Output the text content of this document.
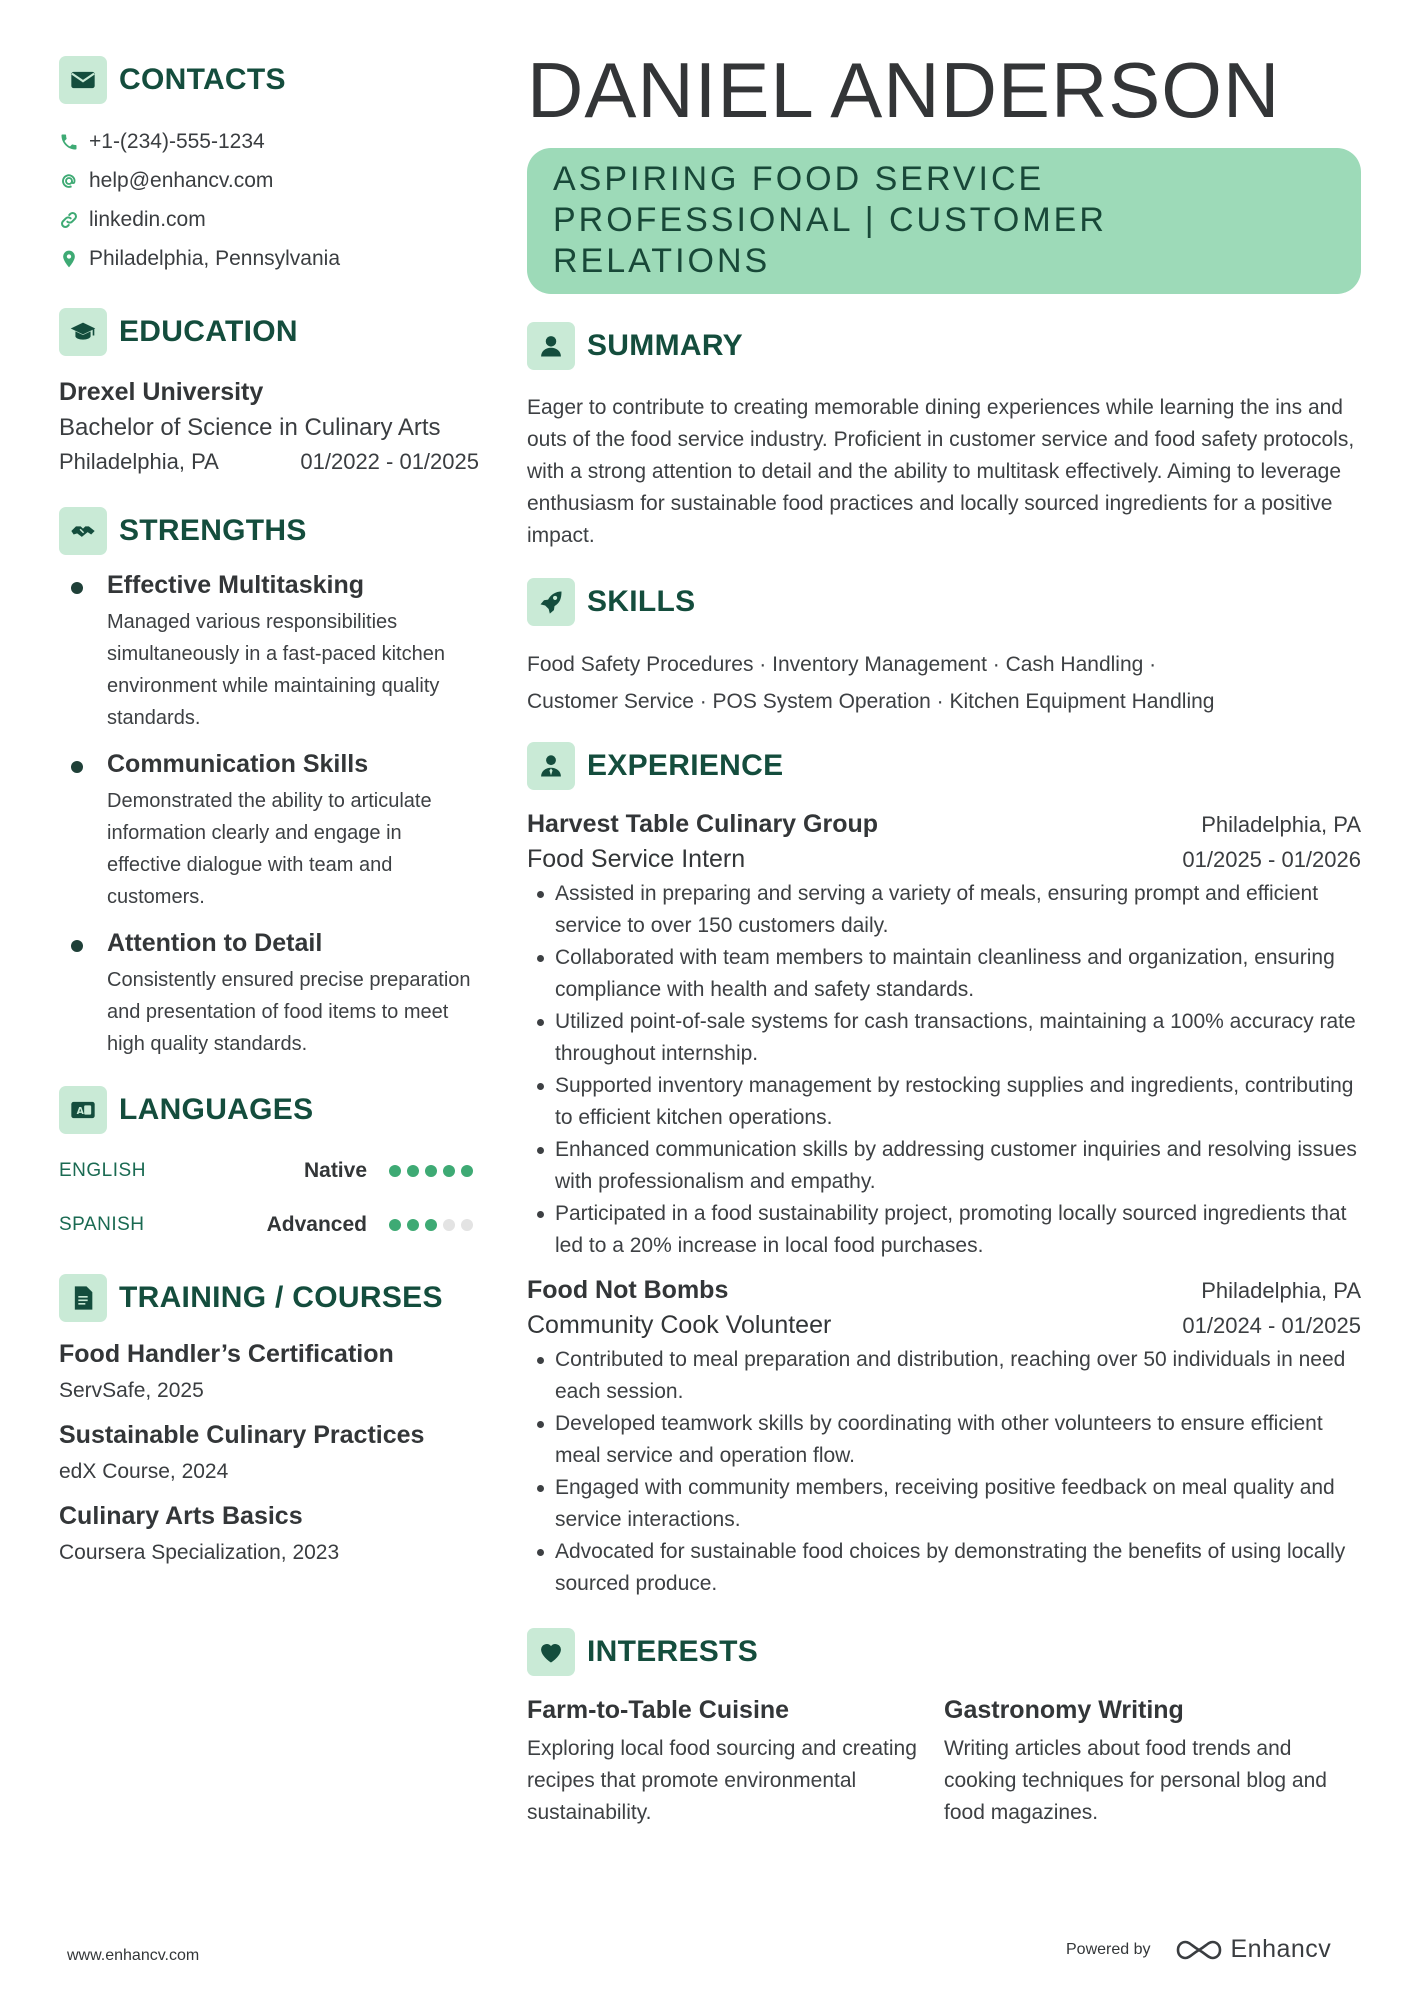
CONTACTS
+1-(234)-555-1234
help@enhancv.com
linkedin.com
Philadelphia, Pennsylvania
EDUCATION
Drexel University
Bachelor of Science in Culinary Arts
Philadelphia, PA	01/2022 - 01/2025
STRENGTHS
Effective Multitasking
Managed various responsibilities simultaneously in a fast-paced kitchen environment while maintaining quality standards.
Communication Skills
Demonstrated the ability to articulate information clearly and engage in effective dialogue with team and customers.
Attention to Detail
Consistently ensured precise preparation and presentation of food items to meet high quality standards.
A LANGUAGES
ENGLISH	Native
SPANISH	Advanced
TRAINING / COURSES
Food Handler’s Certification
ServSafe, 2025
Sustainable Culinary Practices
edX Course, 2024
Culinary Arts Basics
Coursera Specialization, 2023
DANIEL ANDERSON
ASPIRING FOOD SERVICE PROFESSIONAL | CUSTOMER RELATIONS
SUMMARY
Eager to contribute to creating memorable dining experiences while learning the ins and outs of the food service industry. Proficient in customer service and food safety protocols, with a strong attention to detail and the ability to multitask effectively. Aiming to leverage enthusiasm for sustainable food practices and locally sourced ingredients for a positive impact.
SKILLS
Food Safety Procedures · Inventory Management · Cash Handling ·
Customer Service · POS System Operation · Kitchen Equipment Handling
EXPERIENCE
Harvest Table Culinary Group	Philadelphia, PA
Food Service Intern	01/2025 - 01/2026
Assisted in preparing and serving a variety of meals, ensuring prompt and efficient service to over 150 customers daily.
Collaborated with team members to maintain cleanliness and organization, ensuring compliance with health and safety standards.
Utilized point-of-sale systems for cash transactions, maintaining a 100% accuracy rate throughout internship.
Supported inventory management by restocking supplies and ingredients, contributing to efficient kitchen operations.
Enhanced communication skills by addressing customer inquiries and resolving issues with professionalism and empathy.
Participated in a food sustainability project, promoting locally sourced ingredients that led to a 20% increase in local food purchases.
Food Not Bombs	Philadelphia, PA
Community Cook Volunteer	01/2024 - 01/2025
Contributed to meal preparation and distribution, reaching over 50 individuals in need each session.
Developed teamwork skills by coordinating with other volunteers to ensure efficient meal service and operation flow.
Engaged with community members, receiving positive feedback on meal quality and service interactions.
Advocated for sustainable food choices by demonstrating the benefits of using locally sourced produce.
INTERESTS
Farm-to-Table Cuisine
Exploring local food sourcing and creating recipes that promote environmental sustainability.
Gastronomy Writing
Writing articles about food trends and cooking techniques for personal blog and food magazines.
www.enhancv.com	Powered by	Enhancv
